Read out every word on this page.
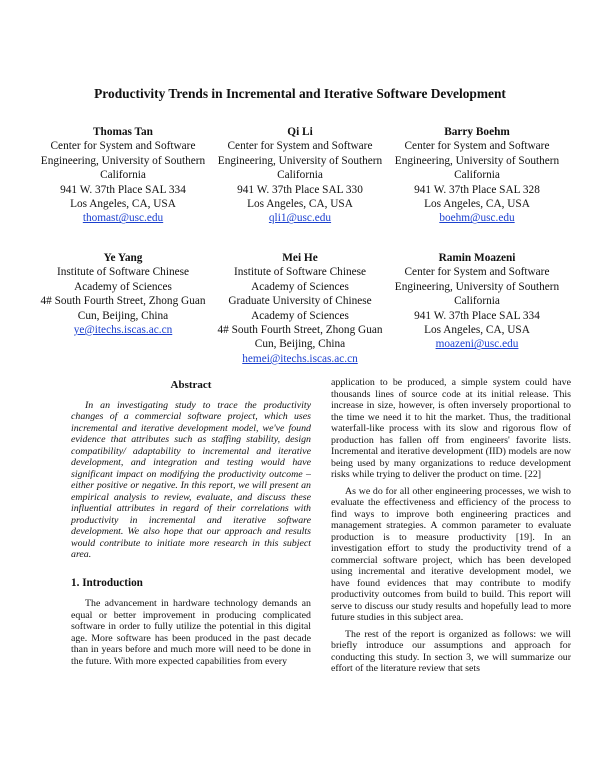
Productivity Trends in Incremental and Iterative Software Development
Thomas Tan
Center for System and Software Engineering, University of Southern California
941 W. 37th Place SAL 334
Los Angeles, CA, USA
thomast@usc.edu
Qi Li
Center for System and Software Engineering, University of Southern California
941 W. 37th Place SAL 330
Los Angeles, CA, USA
qli1@usc.edu
Barry Boehm
Center for System and Software Engineering, University of Southern California
941 W. 37th Place SAL 328
Los Angeles, CA, USA
boehm@usc.edu
Ye Yang
Institute of Software Chinese Academy of Sciences
4# South Fourth Street, Zhong Guan Cun, Beijing, China
ye@itechs.iscas.ac.cn
Mei He
Institute of Software Chinese Academy of Sciences
Graduate University of Chinese Academy of Sciences
4# South Fourth Street, Zhong Guan Cun, Beijing, China
hemei@itechs.iscas.ac.cn
Ramin Moazeni
Center for System and Software Engineering, University of Southern California
941 W. 37th Place SAL 334
Los Angeles, CA, USA
moazeni@usc.edu
Abstract

In an investigating study to trace the productivity changes of a commercial software project, which uses incremental and iterative development model, we've found evidence that attributes such as staffing stability, design compatibility/ adaptability to incremental and iterative development, and integration and testing would have significant impact on modifying the productivity outcome – either positive or negative. In this report, we will present an empirical analysis to review, evaluate, and discuss these influential attributes in regard of their correlations with productivity in incremental and iterative software development. We also hope that our approach and results would contribute to initiate more research in this subject area.

1. Introduction

The advancement in hardware technology demands an equal or better improvement in producing complicated software in order to fully utilize the potential in this digital age. More software has been produced in the past decade than in years before and much more will need to be done in the future. With more expected capabilities from every

application to be produced, a simple system could have thousands lines of source code at its initial release. This increase in size, however, is often inversely proportional to the time we need it to hit the market. Thus, the traditional waterfall-like process with its slow and rigorous flow of production has fallen off from engineers' favorite lists. Incremental and iterative development (IID) models are now being used by many organizations to reduce development risks while trying to deliver the product on time. [22]

As we do for all other engineering processes, we wish to evaluate the effectiveness and efficiency of the process to find ways to improve both engineering practices and management strategies. A common parameter to evaluate production is to measure productivity [19]. In an investigation effort to study the productivity trend of a commercial software project, which has been developed using incremental and iterative development model, we have found evidences that may contribute to modify productivity outcomes from build to build. This report will serve to discuss our study results and hopefully lead to more future studies in this subject area.

The rest of the report is organized as follows: we will briefly introduce our assumptions and approach for conducting this study. In section 3, we will summarize our effort of the literature review that sets
